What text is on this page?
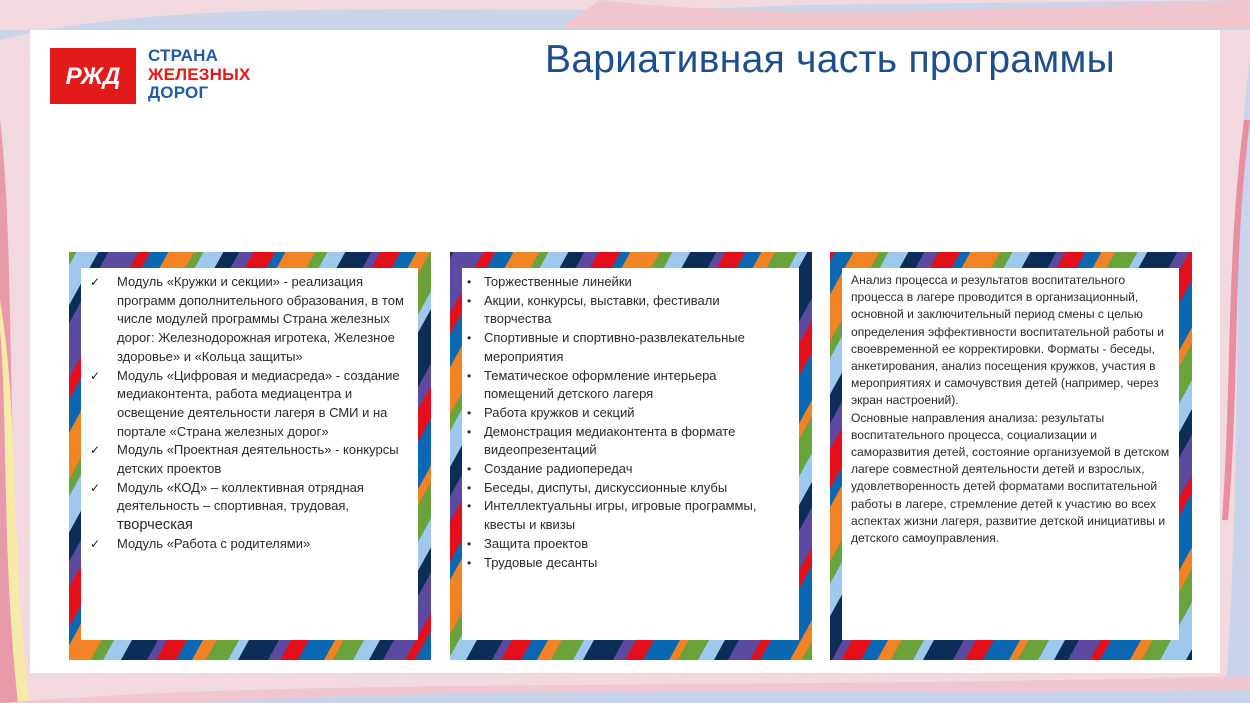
РЖД
СТРАНА
ЖЕЛЕЗНЫХ
ДОРОГ
Вариативная часть программы
✓ Модуль «Кружки и секции» - реализация программ дополнительного образования, в том числе модулей программы Страна железных дорог: Железнодорожная игротека, Железное здоровье» и «Кольца защиты»
✓ Модуль «Цифровая и медиасреда» - создание медиаконтента, работа медиацентра и освещение деятельности лагеря в СМИ и на портале «Страна железных дорог»
✓ Модуль «Проектная деятельность» - конкурсы детских проектов
✓ Модуль «КОД» – коллективная отрядная деятельность – спортивная, трудовая, творческая
✓ Модуль «Работа с родителями»
• Торжественные линейки
• Акции, конкурсы, выставки, фестивали творчества
• Спортивные и спортивно-развлекательные мероприятия
• Тематическое оформление интерьера помещений детского лагеря
• Работа кружков и секций
• Демонстрация медиаконтента в формате видеопрезентаций
• Создание радиопередач
• Беседы, диспуты, дискуссионные клубы
• Интеллектуальны игры, игровые программы, квесты и квизы
• Защита проектов
• Трудовые десанты

Анализ процесса и результатов воспитательного процесса в лагере проводится в организационный, основной и заключительный период смены с целью определения эффективности воспитательной работы и своевременной ее корректировки. Форматы - беседы, анкетирования, анализ посещения кружков, участия в мероприятиях и самочувствия детей (например, через экран настроений).

Основные направления анализа: результаты воспитательного процесса, социализации и саморазвития детей, состояние организуемой в детском лагере совместной деятельности детей и взрослых, удовлетворенность детей форматами воспитательной работы в лагере, стремление детей к участию во всех аспектах жизни лагеря, развитие детской инициативы и детского самоуправления.
